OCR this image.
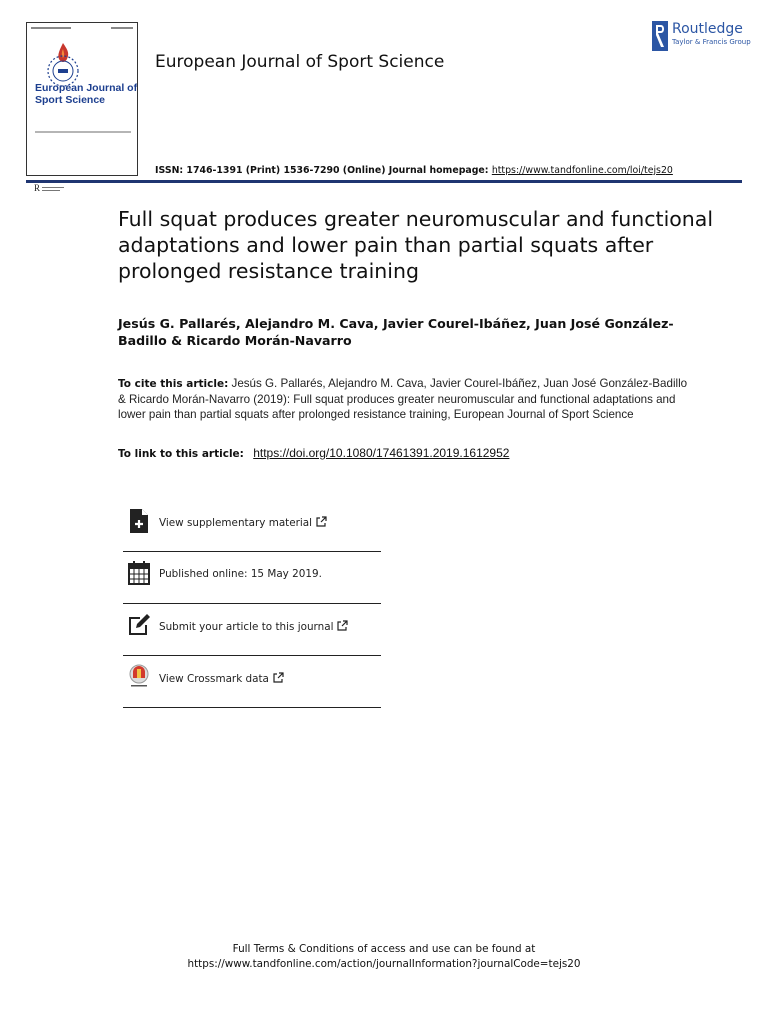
European Journal of Sport Science

R
European Journal of Sport Science
Routledge
Taylor & Francis Group
ISSN: 1746-1391 (Print) 1536-7290 (Online) Journal homepage: https://www.tandfonline.com/loi/tejs20
Full squat produces greater neuromuscular and functional adaptations and lower pain than partial squats after prolonged resistance training

Jesús G. Pallarés, Alejandro M. Cava, Javier Courel-Ibáñez, Juan José González-Badillo & Ricardo Morán-Navarro

To cite this article: Jesús G. Pallarés, Alejandro M. Cava, Javier Courel-Ibáñez, Juan José González-Badillo & Ricardo Morán-Navarro (2019): Full squat produces greater neuromuscular and functional adaptations and lower pain than partial squats after prolonged resistance training, European Journal of Sport Science

To link to this article: https://doi.org/10.1080/17461391.2019.1612952

View supplementary material
Published online: 15 May 2019.
Submit your article to this journal
View Crossmark data
Full Terms & Conditions of access and use can be found at
https://www.tandfonline.com/action/journalInformation?journalCode=tejs20
